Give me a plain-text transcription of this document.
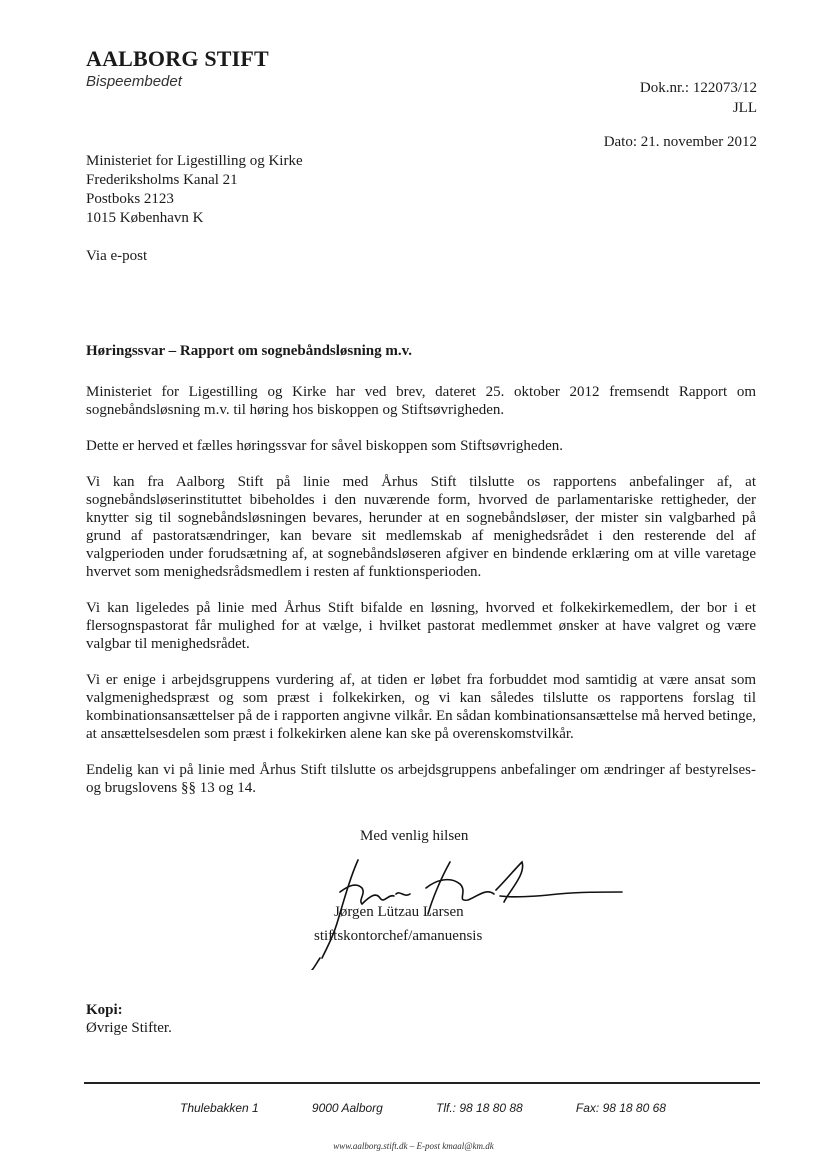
AALBORG STIFT
Bispeembedet	Dok.nr.: 122073/12
JLL
Dato: 21. november 2012
Ministeriet for Ligestilling og Kirke
Frederiksholms Kanal 21
Postboks 2123
1015 København K
Via e-post
Høringssvar – Rapport om sognebåndsløsning m.v.

Ministeriet for Ligestilling og Kirke har ved brev, dateret 25. oktober 2012 fremsendt Rapport om sognebåndsløsning m.v. til høring hos biskoppen og Stiftsøvrigheden.

Dette er herved et fælles høringssvar for såvel biskoppen som Stiftsøvrigheden.

Vi kan fra Aalborg Stift på linie med Århus Stift tilslutte os rapportens anbefalinger af, at sognebåndsløserinstituttet bibeholdes i den nuværende form, hvorved de parlamentariske rettigheder, der knytter sig til sognebåndsløsningen bevares, herunder at en sognebåndsløser, der mister sin valgbarhed på grund af pastoratsændringer, kan bevare sit medlemskab af menighedsrådet i den resterende del af valgperioden under forudsætning af, at sognebåndsløseren afgiver en bindende erklæring om at ville varetage hvervet som menighedsrådsmedlem i resten af funktionsperioden.

Vi kan ligeledes på linie med Århus Stift bifalde en løsning, hvorved et folkekirkemedlem, der bor i et flersognspastorat får mulighed for at vælge, i hvilket pastorat medlemmet ønsker at have valgret og være valgbar til menighedsrådet.

Vi er enige i arbejdsgruppens vurdering af, at tiden er løbet fra forbuddet mod samtidig at være ansat som valgmenighedspræst og som præst i folkekirken, og vi kan således tilslutte os rapportens forslag til kombinationsansættelser på de i rapporten angivne vilkår. En sådan kombinationsansættelse må herved betinge, at ansættelsesdelen som præst i folkekirken alene kan ske på overenskomstvilkår.

Endelig kan vi på linie med Århus Stift tilslutte os arbejdsgruppens anbefalinger om ændringer af bestyrelses- og brugslovens §§ 13 og 14.

Med venlig hilsen
Jørgen Lützau Larsen
stiftskontorchef/amanuensis
Kopi:
Øvrige Stifter.
Thulebakken 1	9000 Aalborg	Tlf.: 98 18 80 88	Fax: 98 18 80 68
www.aalborg.stift.dk – E-post kmaal@km.dk
